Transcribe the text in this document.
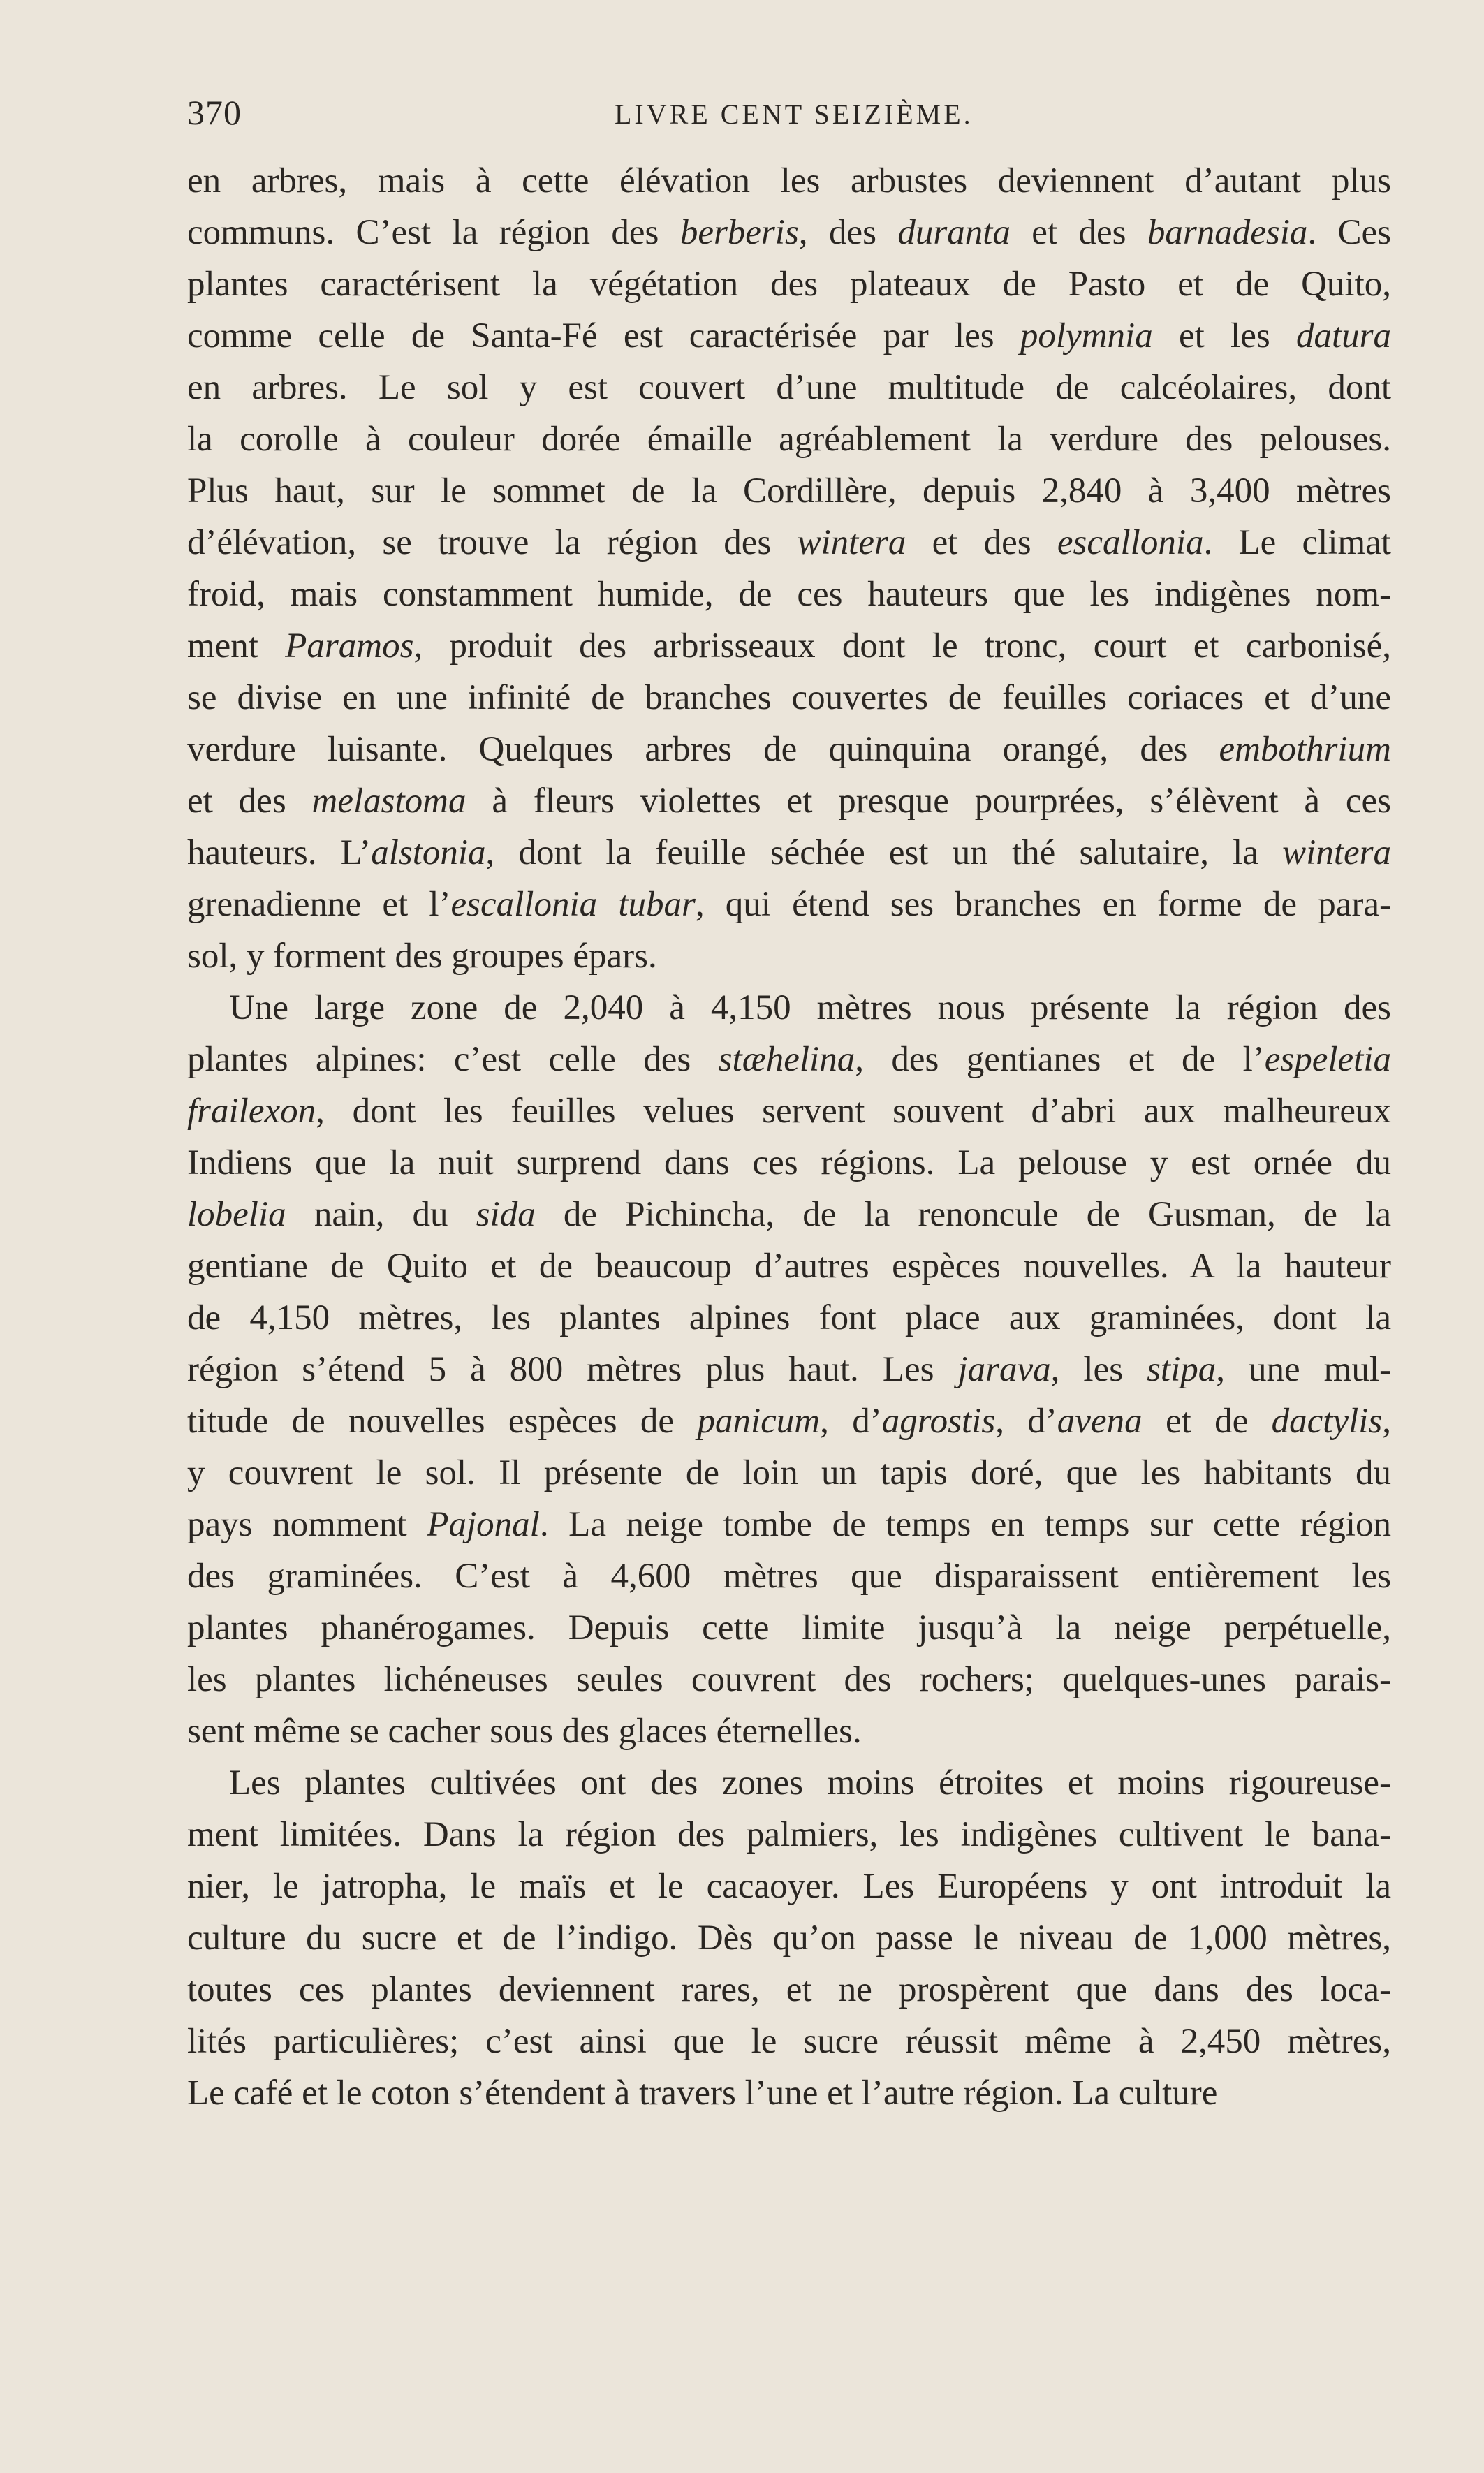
370	LIVRE CENT SEIZIÈME.
en arbres, mais à cette élévation les arbustes deviennent d’autant plus
communs. C’est la région des berberis, des duranta et des barnadesia. Ces
plantes caractérisent la végétation des plateaux de Pasto et de Quito,
comme celle de Santa-Fé est caractérisée par les polymnia et les datura
en arbres. Le sol y est couvert d’une multitude de calcéolaires, dont
la corolle à couleur dorée émaille agréablement la verdure des pelouses.
Plus haut, sur le sommet de la Cordillère, depuis 2,840 à 3,400 mètres
d’élévation, se trouve la région des wintera et des escallonia. Le climat
froid, mais constamment humide, de ces hauteurs que les indigènes nom-
ment Paramos, produit des arbrisseaux dont le tronc, court et carbonisé,
se divise en une infinité de branches couvertes de feuilles coriaces et d’une
verdure luisante. Quelques arbres de quinquina orangé, des embothrium
et des melastoma à fleurs violettes et presque pourprées, s’élèvent à ces
hauteurs. L’alstonia, dont la feuille séchée est un thé salutaire, la wintera
grenadienne et l’escallonia tubar, qui étend ses branches en forme de para-
sol, y forment des groupes épars.
Une large zone de 2,040 à 4,150 mètres nous présente la région des
plantes alpines: c’est celle des stæhelina, des gentianes et de l’espeletia
frailexon, dont les feuilles velues servent souvent d’abri aux malheureux
Indiens que la nuit surprend dans ces régions. La pelouse y est ornée du
lobelia nain, du sida de Pichincha, de la renoncule de Gusman, de la
gentiane de Quito et de beaucoup d’autres espèces nouvelles. A la hauteur
de 4,150 mètres, les plantes alpines font place aux graminées, dont la
région s’étend 5 à 800 mètres plus haut. Les jarava, les stipa, une mul-
titude de nouvelles espèces de panicum, d’agrostis, d’avena et de dactylis,
y couvrent le sol. Il présente de loin un tapis doré, que les habitants du
pays nomment Pajonal. La neige tombe de temps en temps sur cette région
des graminées. C’est à 4,600 mètres que disparaissent entièrement les
plantes phanérogames. Depuis cette limite jusqu’à la neige perpétuelle,
les plantes lichéneuses seules couvrent des rochers; quelques-unes parais-
sent même se cacher sous des glaces éternelles.
Les plantes cultivées ont des zones moins étroites et moins rigoureuse-
ment limitées. Dans la région des palmiers, les indigènes cultivent le bana-
nier, le jatropha, le maïs et le cacaoyer. Les Européens y ont introduit la
culture du sucre et de l’indigo. Dès qu’on passe le niveau de 1,000 mètres,
toutes ces plantes deviennent rares, et ne prospèrent que dans des loca-
lités particulières; c’est ainsi que le sucre réussit même à 2,450 mètres,
Le café et le coton s’étendent à travers l’une et l’autre région. La culture
